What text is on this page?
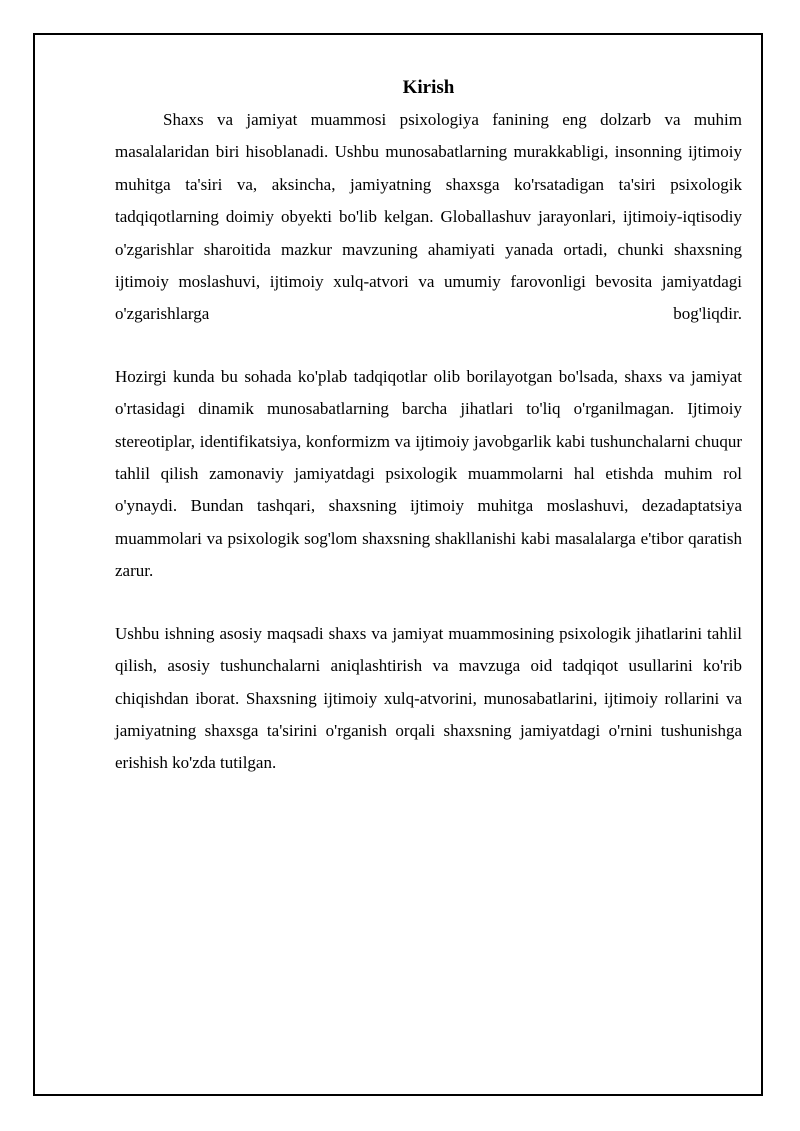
Kirish

Shaxs va jamiyat muammosi psixologiya fanining eng dolzarb va muhim masalalaridan biri hisoblanadi. Ushbu munosabatlarning murakkabligi, insonning ijtimoiy muhitga ta'siri va, aksincha, jamiyatning shaxsga ko'rsatadigan ta'siri psixologik tadqiqotlarning doimiy obyekti bo'lib kelgan. Globallashuv jarayonlari, ijtimoiy-iqtisodiy o'zgarishlar sharoitida mazkur mavzuning ahamiyati yanada ortadi, chunki shaxsning ijtimoiy moslashuvi, ijtimoiy xulq-atvori va umumiy farovonligi bevosita jamiyatdagi o'zgarishlarga bog'liqdir.

Hozirgi kunda bu sohada ko'plab tadqiqotlar olib borilayotgan bo'lsada, shaxs va jamiyat o'rtasidagi dinamik munosabatlarning barcha jihatlari to'liq o'rganilmagan. Ijtimoiy stereotiplar, identifikatsiya, konformizm va ijtimoiy javobgarlik kabi tushunchalarni chuqur tahlil qilish zamonaviy jamiyatdagi psixologik muammolarni hal etishda muhim rol o'ynaydi. Bundan tashqari, shaxsning ijtimoiy muhitga moslashuvi, dezadaptatsiya muammolari va psixologik sog'lom shaxsning shakllanishi kabi masalalarga e'tibor qaratish zarur.

Ushbu ishning asosiy maqsadi shaxs va jamiyat muammosining psixologik jihatlarini tahlil qilish, asosiy tushunchalarni aniqlashtirish va mavzuga oid tadqiqot usullarini ko'rib chiqishdan iborat. Shaxsning ijtimoiy xulq-atvorini, munosabatlarini, ijtimoiy rollarini va jamiyatning shaxsga ta'sirini o'rganish orqali shaxsning jamiyatdagi o'rnini tushunishga erishish ko'zda tutilgan.
